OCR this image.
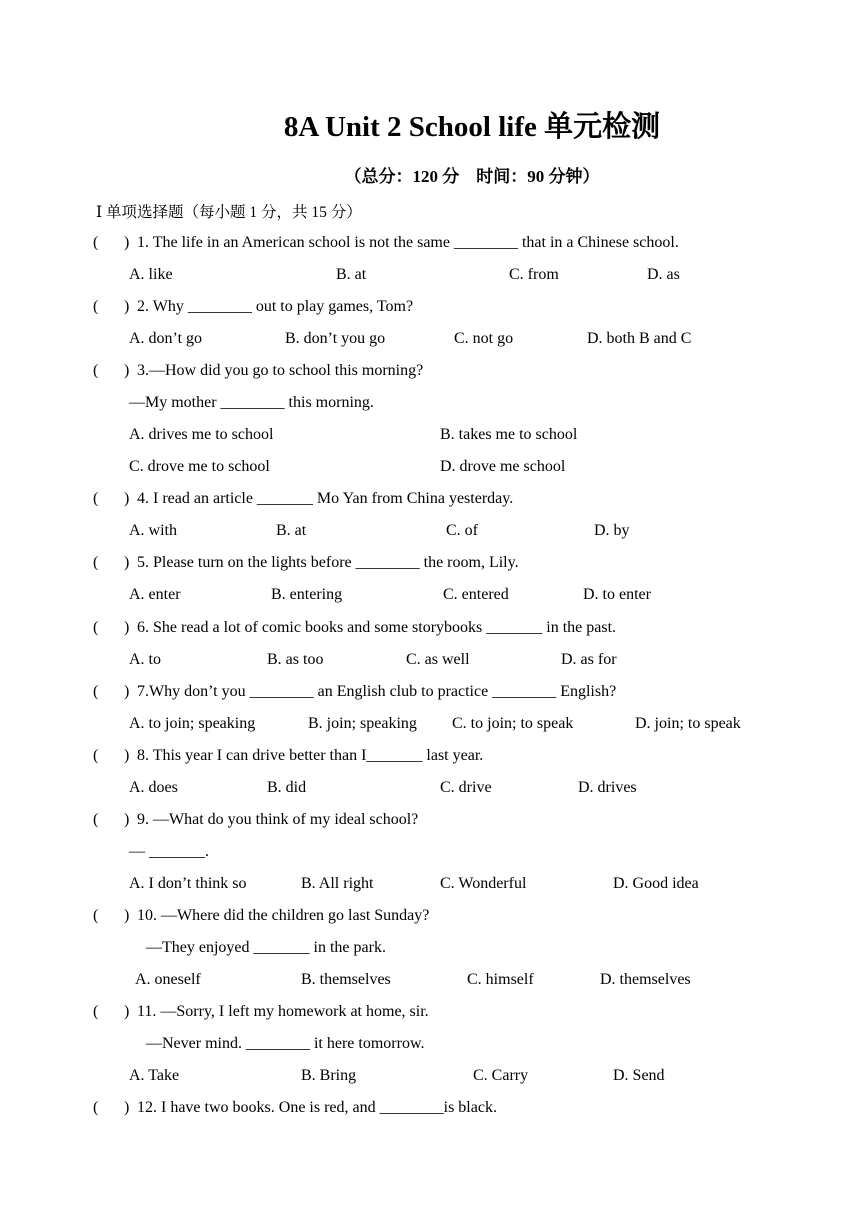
8A Unit 2 School life 单元检测
（总分：120 分　时间：90 分钟）
Ⅰ 单项选择题（每小题 1 分，共 15 分）
( ) 1. The life in an American school is not the same ________ that in a Chinese school.
A. like	B. at	C. from	D. as
( ) 2. Why ________ out to play games, Tom?
A. don’t go	B. don’t you go	C. not go	D. both B and C
( ) 3.—How did you go to school this morning?
—My mother ________ this morning.
A. drives me to school	B. takes me to school
C. drove me to school	D. drove me school
( ) 4. I read an article _______ Mo Yan from China yesterday.
A. with	B. at	C. of	D. by
( ) 5. Please turn on the lights before ________ the room, Lily.
A. enter	B. entering	C. entered	D. to enter
( ) 6. She read a lot of comic books and some storybooks _______ in the past.
A. to	B. as too	C. as well	D. as for
( ) 7.Why don’t you ________ an English club to practice ________ English?
A. to join; speaking	B. join; speaking C. to join; to speak	D. join; to speak
( ) 8. This year I can drive better than I_______ last year.
A. does	B. did	C. drive	D. drives
( ) 9. —What do you think of my ideal school?
— _______.
A. I don’t think so	B. All right	C. Wonderful	D. Good idea
( ) 10. —Where did the children go last Sunday?
—They enjoyed _______ in the park.
A. oneself	B. themselves	C. himself	D. themselves
( ) 11. —Sorry, I left my homework at home, sir.
—Never mind. ________ it here tomorrow.
A. Take	B. Bring	C. Carry	D. Send
( ) 12. I have two books. One is red, and ________is black.
